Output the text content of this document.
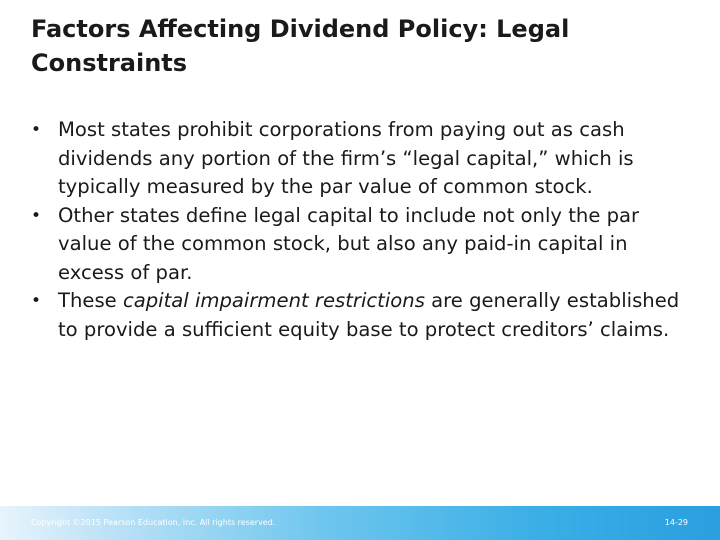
Factors Affecting Dividend Policy: Legal Constraints
• Most states prohibit corporations from paying out as cash dividends any portion of the firm’s “legal capital,” which is typically measured by the par value of common stock.
• Other states define legal capital to include not only the par value of the common stock, but also any paid-in capital in excess of par.
• These capital impairment restrictions are generally established to provide a sufficient equity base to protect creditors’ claims.
Copyright ©2015 Pearson Education, Inc. All rights reserved.	14-29
